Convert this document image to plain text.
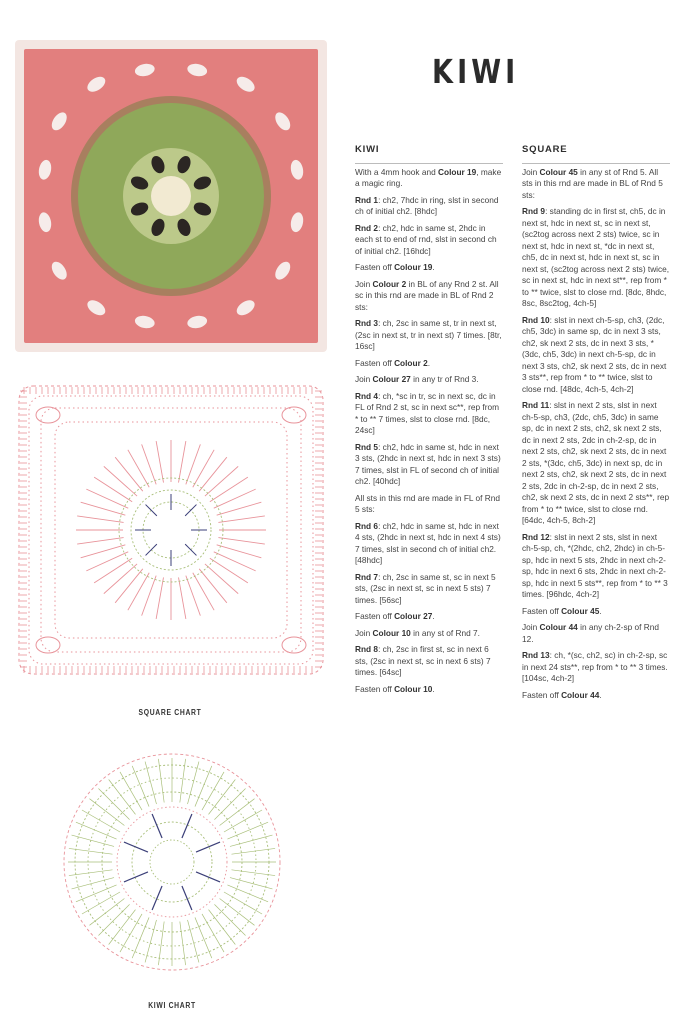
KIWI
KIWI

With a 4mm hook and Colour 19, make a magic ring.

Rnd 1: ch2, 7hdc in ring, slst in second ch of initial ch2. [8hdc]

Rnd 2: ch2, hdc in same st, 2hdc in each st to end of rnd, slst in second ch of initial ch2. [16hdc]

Fasten off Colour 19.

Join Colour 2 in BL of any Rnd 2 st. All sc in this rnd are made in BL of Rnd 2 sts:

Rnd 3: ch, 2sc in same st, tr in next st, (2sc in next st, tr in next st) 7 times. [8tr, 16sc]

Fasten off Colour 2.

Join Colour 27 in any tr of Rnd 3.

Rnd 4: ch, *sc in tr, sc in next sc, dc in FL of Rnd 2 st, sc in next sc**, rep from * to ** 7 times, slst to close rnd. [8dc, 24sc]

Rnd 5: ch2, hdc in same st, hdc in next 3 sts, (2hdc in next st, hdc in next 3 sts) 7 times, slst in FL of second ch of initial ch2. [40hdc]

All sts in this rnd are made in FL of Rnd 5 sts:

Rnd 6: ch2, hdc in same st, hdc in next 4 sts, (2hdc in next st, hdc in next 4 sts) 7 times, slst in second ch of initial ch2. [48hdc]

Rnd 7: ch, 2sc in same st, sc in next 5 sts, (2sc in next st, sc in next 5 sts) 7 times. [56sc]

Fasten off Colour 27.

Join Colour 10 in any st of Rnd 7.

Rnd 8: ch, 2sc in first st, sc in next 6 sts, (2sc in next st, sc in next 6 sts) 7 times. [64sc]

Fasten off Colour 10.

SQUARE

Join Colour 45 in any st of Rnd 5. All sts in this rnd are made in BL of Rnd 5 sts:

Rnd 9: standing dc in first st, ch5, dc in next st, hdc in next st, sc in next st, (sc2tog across next 2 sts) twice, sc in next st, hdc in next st, *dc in next st, ch5, dc in next st, hdc in next st, sc in next st, (sc2tog across next 2 sts) twice, sc in next st, hdc in next st**, rep from * to ** twice, slst to close rnd. [8dc, 8hdc, 8sc, 8sc2tog, 4ch-5]

Rnd 10: slst in next ch-5-sp, ch3, (2dc, ch5, 3dc) in same sp, dc in next 3 sts, ch2, sk next 2 sts, dc in next 3 sts, *(3dc, ch5, 3dc) in next ch-5-sp, dc in next 3 sts, ch2, sk next 2 sts, dc in next 3 sts**, rep from * to ** twice, slst to close rnd. [48dc, 4ch-5, 4ch-2]

Rnd 11: slst in next 2 sts, slst in next ch-5-sp, ch3, (2dc, ch5, 3dc) in same sp, dc in next 2 sts, ch2, sk next 2 sts, dc in next 2 sts, 2dc in ch-2-sp, dc in next 2 sts, ch2, sk next 2 sts, dc in next 2 sts, *(3dc, ch5, 3dc) in next sp, dc in next 2 sts, ch2, sk next 2 sts, dc in next 2 sts, 2dc in ch-2-sp, dc in next 2 sts, ch2, sk next 2 sts, dc in next 2 sts**, rep from * to ** twice, slst to close rnd. [64dc, 4ch-5, 8ch-2]

Rnd 12: slst in next 2 sts, slst in next ch-5-sp, ch, *(2hdc, ch2, 2hdc) in ch-5-sp, hdc in next 5 sts, 2hdc in next ch-2-sp, hdc in next 6 sts, 2hdc in next ch-2-sp, hdc in next 5 sts**, rep from * to ** 3 times. [96hdc, 4ch-2]

Fasten off Colour 45.

Join Colour 44 in any ch-2-sp of Rnd 12.

Rnd 13: ch, *(sc, ch2, sc) in ch-2-sp, sc in next 24 sts**, rep from * to ** 3 times. [104sc, 4ch-2]

Fasten off Colour 44.

SQUARE CHART
KIWI CHART
